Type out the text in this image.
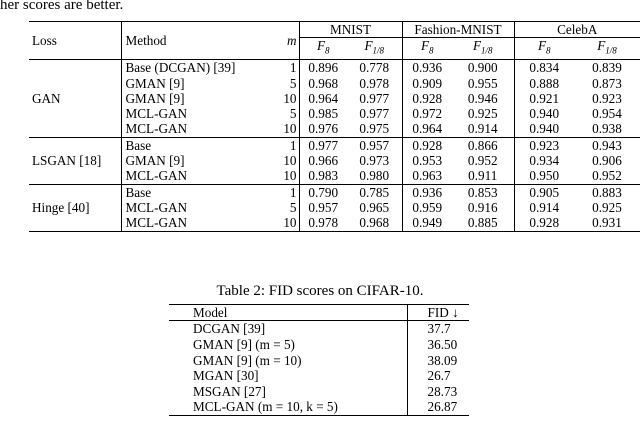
her scores are better.
Loss	Method	m	MNIST		Fashion-MNIST		CelebA	
			$F_8$	$F_{1/8}$	$F_8$	$F_{1/8}$	$F_8$	$F_{1/8}$
GAN	Base (DCGAN) [39]	1	0.896	0.778	0.936	0.900	0.834	0.839
	GMAN [9]	5	0.968	0.978	0.909	0.955	0.888	0.873
	GMAN [9]	10	0.964	0.977	0.928	0.946	0.921	0.923
	MCL-GAN	5	0.985	0.977	0.972	0.925	0.940	0.954
	MCL-GAN	10	0.976	0.975	0.964	0.914	0.940	0.938
LSGAN [18]	Base	1	0.977	0.957	0.928	0.866	0.923	0.943
	GMAN [9]	10	0.966	0.973	0.953	0.952	0.934	0.906
	MCL-GAN	10	0.983	0.980	0.963	0.911	0.950	0.952
Hinge [40]	Base	1	0.790	0.785	0.936	0.853	0.905	0.883
	MCL-GAN	5	0.957	0.965	0.959	0.916	0.914	0.925
	MCL-GAN	10	0.978	0.968	0.949	0.885	0.928	0.931
Table 2: FID scores on CIFAR-10.
Model	FID ↓
DCGAN [39]	37.7
GMAN [9] (m = 5)	36.50
GMAN [9] (m = 10)	38.09
MGAN [30]	26.7
MSGAN [27]	28.73
MCL-GAN (m = 10, k = 5)	26.87
